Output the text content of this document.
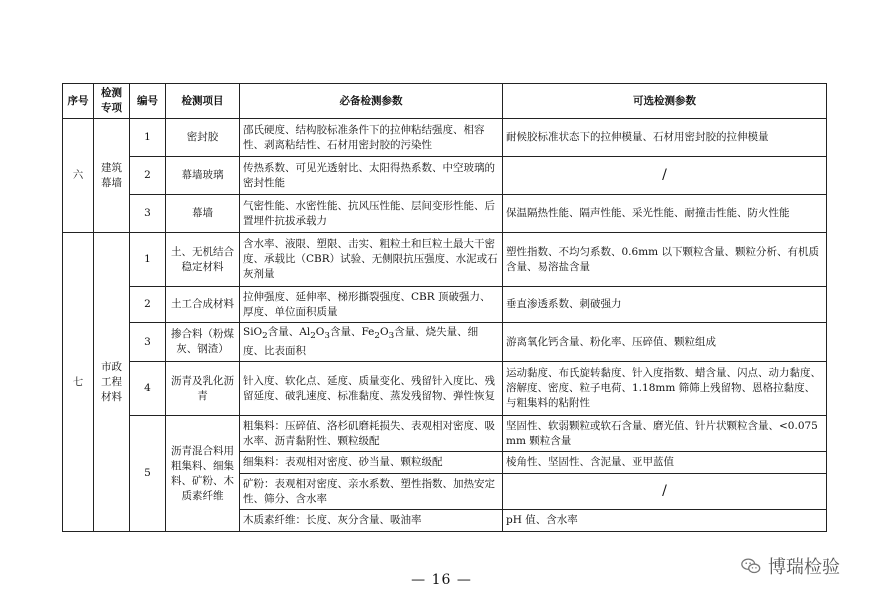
序号	检测专项	编号	检测项目	必备检测参数	可选检测参数
六	建筑幕墙	1	密封胶	邵氏硬度、结构胶标准条件下的拉伸粘结强度、相容性、剥离粘结性、石材用密封胶的污染性	耐候胶标准状态下的拉伸模量、石材用密封胶的拉伸模量
		2	幕墙玻璃	传热系数、可见光透射比、太阳得热系数、中空玻璃的密封性能	/
		3	幕墙	气密性能、水密性能、抗风压性能、层间变形性能、后置埋件抗拔承载力	保温隔热性能、隔声性能、采光性能、耐撞击性能、防火性能
七	市政工程材料	1	土、无机结合稳定材料	含水率、液限、塑限、击实、粗粒土和巨粒土最大干密度、承载比（CBR）试验、无侧限抗压强度、水泥或石灰剂量	塑性指数、不均匀系数、0.6mm 以下颗粒含量、颗粒分析、有机质含量、易溶盐含量
		2	土工合成材料	拉伸强度、延伸率、梯形撕裂强度、CBR 顶破强力、厚度、单位面积质量	垂直渗透系数、刺破强力
		3	掺合料（粉煤灰、钢渣）	SiO$_2$含量、$Al_2O_3$含量、$Fe_2O_3$含量、烧失量、细度、比表面积	游离氧化钙含量、粉化率、压碎值、颗粒组成
		4	沥青及乳化沥青	针入度、软化点、延度、质量变化、残留针入度比、残留延度、破乳速度、标准黏度、蒸发残留物、弹性恢复	运动黏度、布氏旋转黏度、针入度指数、蜡含量、闪点、动力黏度、溶解度、密度、粒子电荷、1.18mm 筛筛上残留物、恩格拉黏度、与粗集料的粘附性
		5	沥青混合料用粗集料、细集料、矿粉、木质素纤维	粗集料：压碎值、洛杉矶磨耗损失、表观相对密度、吸水率、沥青黏附性、颗粒级配	坚固性、软弱颗粒或软石含量、磨光值、针片状颗粒含量、<0.075mm 颗粒含量
				细集料：表观相对密度、砂当量、颗粒级配	棱角性、坚固性、含泥量、亚甲蓝值
				矿粉：表观相对密度、亲水系数、塑性指数、加热安定性、筛分、含水率	/
				木质素纤维：长度、灰分含量、吸油率	pH 值、含水率
博瑞检验
— 16 —
